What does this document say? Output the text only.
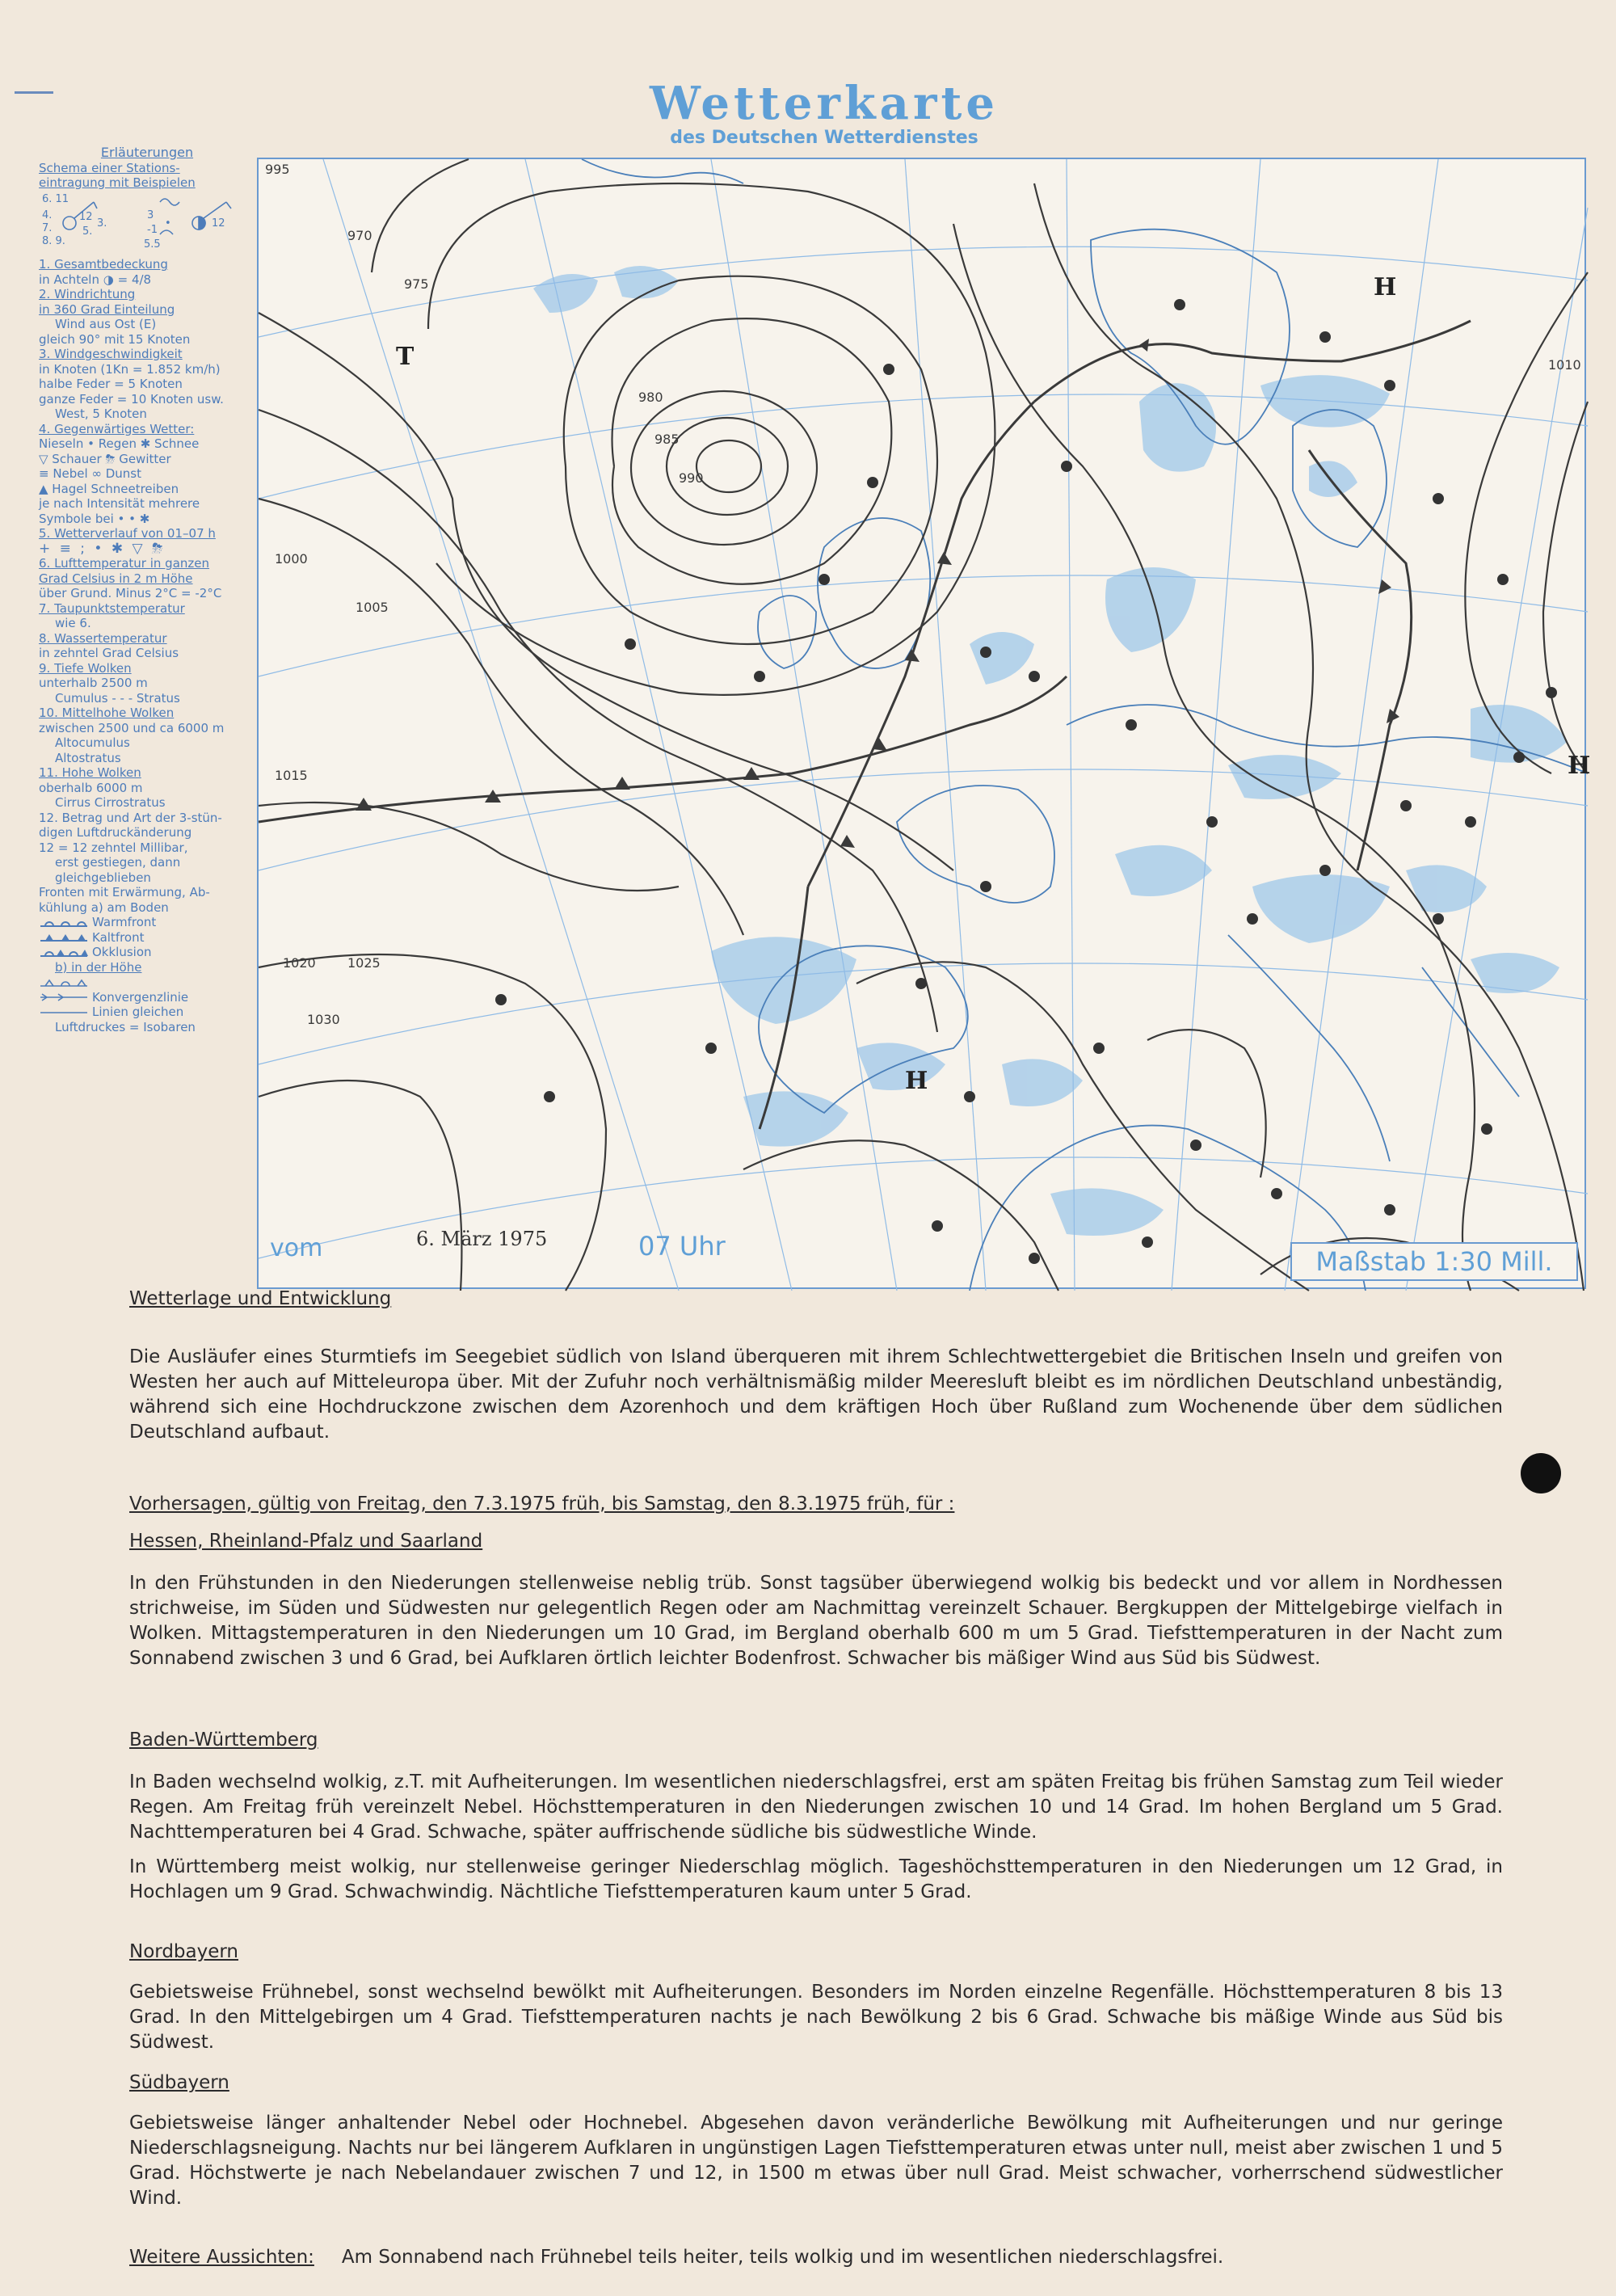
Wetterkarte
des Deutschen Wetterdienstes
Erläuterungen
Schema einer Stations-
eintragung mit Beispielen
6. 11
4.
7.
8. 9.
5.
3.
12	3
-1
5.5
12
•
1. Gesamtbedeckung
in Achteln ◑ = 4/8
2. Windrichtung
in 360 Grad Einteilung
Wind aus Ost (E)
gleich 90° mit 15 Knoten
3. Windgeschwindigkeit
in Knoten (1Kn = 1.852 km/h)
halbe Feder = 5 Knoten
ganze Feder = 10 Knoten usw.
West, 5 Knoten
4. Gegenwärtiges Wetter:
Nieseln • Regen ✱ Schnee
▽ Schauer ⛈ Gewitter
≡ Nebel ∞ Dunst
▲ Hagel Schneetreiben
je nach Intensität mehrere
Symbole bei • • ✱
5. Wetterverlauf von 01–07 h
+ ≡ ; • ✱ ▽ ⛈
6. Lufttemperatur in ganzen
Grad Celsius in 2 m Höhe
über Grund. Minus 2°C = -2°C
7. Taupunktstemperatur
wie 6.
8. Wassertemperatur
in zehntel Grad Celsius
9. Tiefe Wolken
unterhalb 2500 m
Cumulus - - - Stratus
10. Mittelhohe Wolken
zwischen 2500 und ca 6000 m
Altocumulus
Altostratus
11. Hohe Wolken
oberhalb 6000 m
Cirrus Cirrostratus
12. Betrag und Art der 3-stün-
digen Luftdruckänderung
12 = 12 zehntel Millibar,
erst gestiegen, dann
gleichgeblieben
Fronten mit Erwärmung, Ab-
kühlung a) am Boden
Warmfront
Kaltfront
Okklusion
b) in der Höhe
Konvergenzlinie
Linien gleichen
Luftdruckes = Isobaren
995
990
985
980
975
970
1000
1005
1010
1015
1020 1025
1030
T
H
H
H
vom	6. März 1975	07 Uhr	Maßstab 1:30 Mill.
Wetterlage und Entwicklung

Die Ausläufer eines Sturmtiefs im Seegebiet südlich von Island überqueren mit ihrem Schlechtwettergebiet die Britischen Inseln und greifen von Westen her auch auf Mitteleuropa über. Mit der Zufuhr noch verhältnismäßig milder Meeresluft bleibt es im nördlichen Deutschland unbeständig, während sich eine Hochdruckzone zwischen dem Azorenhoch und dem kräftigen Hoch über Rußland zum Wochenende über dem südlichen Deutschland aufbaut.

Vorhersagen, gültig von Freitag, den 7.3.1975 früh, bis Samstag, den 8.3.1975 früh, für :
Hessen, Rheinland-Pfalz und Saarland

In den Frühstunden in den Niederungen stellenweise neblig trüb. Sonst tagsüber überwiegend wolkig bis bedeckt und vor allem in Nordhessen strichweise, im Süden und Südwesten nur gelegentlich Regen oder am Nachmittag vereinzelt Schauer. Bergkuppen der Mittelgebirge vielfach in Wolken. Mittagstemperaturen in den Niederungen um 10 Grad, im Bergland oberhalb 600 m um 5 Grad. Tiefsttemperaturen in der Nacht zum Sonnabend zwischen 3 und 6 Grad, bei Aufklaren örtlich leichter Bodenfrost. Schwacher bis mäßiger Wind aus Süd bis Südwest.

Baden-Württemberg

In Baden wechselnd wolkig, z.T. mit Aufheiterungen. Im wesentlichen niederschlagsfrei, erst am späten Freitag bis frühen Samstag zum Teil wieder Regen. Am Freitag früh vereinzelt Nebel. Höchsttemperaturen in den Niederungen zwischen 10 und 14 Grad. Im hohen Bergland um 5 Grad. Nachttemperaturen bei 4 Grad. Schwache, später auffrischende südliche bis südwestliche Winde.

In Württemberg meist wolkig, nur stellenweise geringer Niederschlag möglich. Tageshöchsttemperaturen in den Niederungen um 12 Grad, in Hochlagen um 9 Grad. Schwachwindig. Nächtliche Tiefsttemperaturen kaum unter 5 Grad.

Nordbayern

Gebietsweise Frühnebel, sonst wechselnd bewölkt mit Aufheiterungen. Besonders im Norden einzelne Regenfälle. Höchsttemperaturen 8 bis 13 Grad. In den Mittelgebirgen um 4 Grad. Tiefsttemperaturen nachts je nach Bewölkung 2 bis 6 Grad. Schwache bis mäßige Winde aus Süd bis Südwest.

Südbayern

Gebietsweise länger anhaltender Nebel oder Hochnebel. Abgesehen davon veränderliche Bewölkung mit Aufheiterungen und nur geringe Niederschlagsneigung. Nachts nur bei längerem Aufklaren in ungünstigen Lagen Tiefsttemperaturen etwas unter null, meist aber zwischen 1 und 5 Grad. Höchstwerte je nach Nebelandauer zwischen 7 und 12, in 1500 m etwas über null Grad. Meist schwacher, vorherrschend südwestlicher Wind.

Weitere Aussichten: Am Sonnabend nach Frühnebel teils heiter, teils wolkig und im wesentlichen niederschlagsfrei.
